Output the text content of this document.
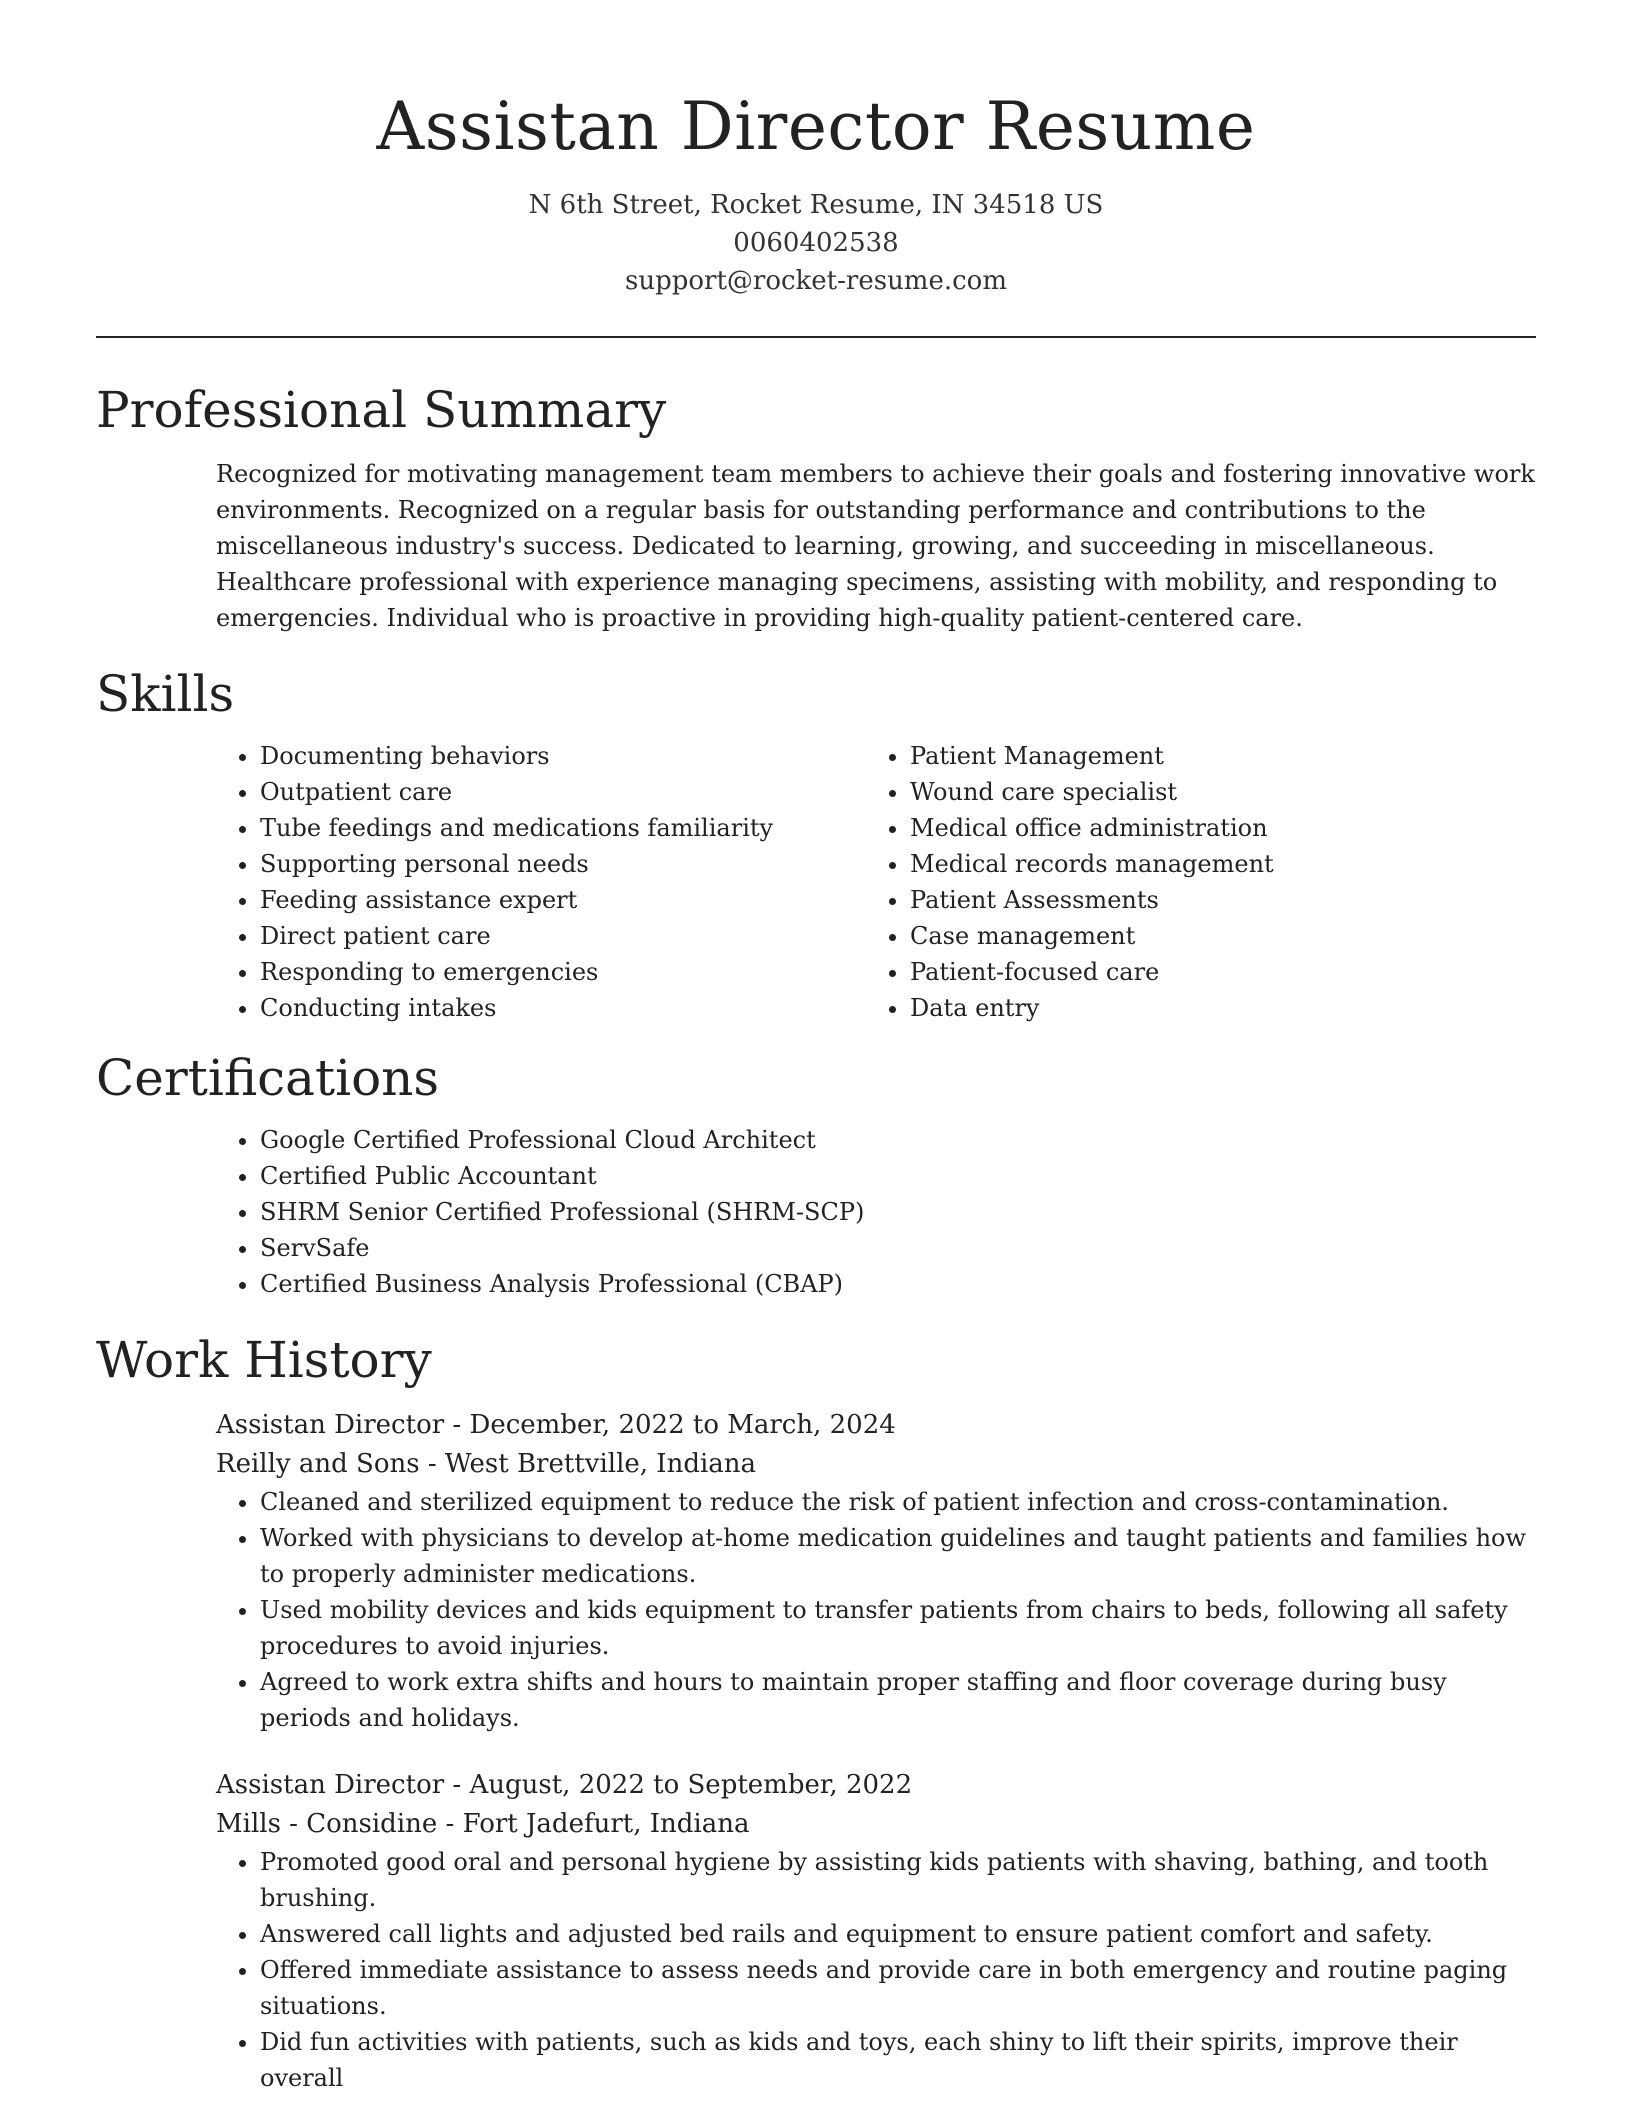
Assistan Director Resume
N 6th Street, Rocket Resume, IN 34518 US
0060402538
support@rocket-resume.com
Professional Summary
Recognized for motivating management team members to achieve their goals and fostering innovative work environments. Recognized on a regular basis for outstanding performance and contributions to the miscellaneous industry's success. Dedicated to learning, growing, and succeeding in miscellaneous. Healthcare professional with experience managing specimens, assisting with mobility, and responding to emergencies. Individual who is proactive in providing high-quality patient-centered care.
Skills
• Documenting behaviors
• Outpatient care
• Tube feedings and medications familiarity
• Supporting personal needs
• Feeding assistance expert
• Direct patient care
• Responding to emergencies
• Conducting intakes
• Patient Management
• Wound care specialist
• Medical office administration
• Medical records management
• Patient Assessments
• Case management
• Patient-focused care
• Data entry
Certifications
• Google Certified Professional Cloud Architect
• Certified Public Accountant
• SHRM Senior Certified Professional (SHRM-SCP)
• ServSafe
• Certified Business Analysis Professional (CBAP)
Work History
Assistan Director - December, 2022 to March, 2024
Reilly and Sons - West Brettville, Indiana
• Cleaned and sterilized equipment to reduce the risk of patient infection and cross-contamination.
• Worked with physicians to develop at-home medication guidelines and taught patients and families how to properly administer medications.
• Used mobility devices and kids equipment to transfer patients from chairs to beds, following all safety procedures to avoid injuries.
• Agreed to work extra shifts and hours to maintain proper staffing and floor coverage during busy periods and holidays.
Assistan Director - August, 2022 to September, 2022
Mills - Considine - Fort Jadefurt, Indiana
• Promoted good oral and personal hygiene by assisting kids patients with shaving, bathing, and tooth brushing.
• Answered call lights and adjusted bed rails and equipment to ensure patient comfort and safety.
• Offered immediate assistance to assess needs and provide care in both emergency and routine paging situations.
• Did fun activities with patients, such as kids and toys, each shiny to lift their spirits, improve their overall
